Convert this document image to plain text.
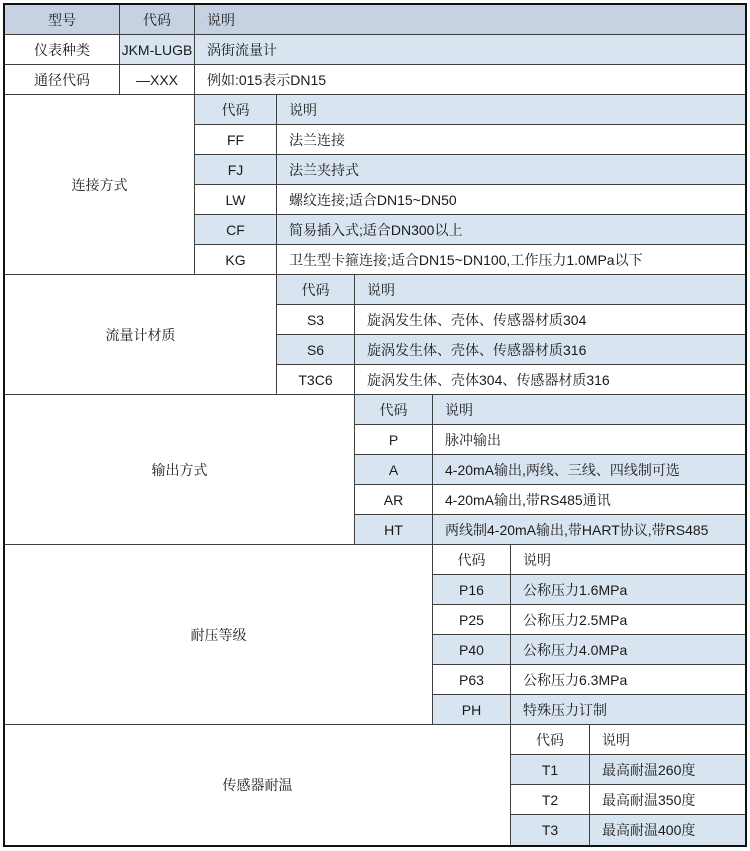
型号	代码	说明
仪表种类	JKM-LUGB	涡街流量计
通径代码	—XXX	例如:015表示DN15
连接方式
代码	说明
FF	法兰连接
FJ	法兰夹持式
LW	螺纹连接;适合DN15~DN50
CF	简易插入式;适合DN300以上
KG	卫生型卡箍连接;适合DN15~DN100,工作压力1.0MPa以下
流量计材质
代码	说明
S3	旋涡发生体、壳体、传感器材质304
S6	旋涡发生体、壳体、传感器材质316
T3C6	旋涡发生体、壳体304、传感器材质316
输出方式
代码	说明
P	脉冲输出
A	4-20mA输出,两线、三线、四线制可选
AR	4-20mA输出,带RS485通讯
HT	两线制4-20mA输出,带HART协议,带RS485
耐压等级
代码	说明
P16	公称压力1.6MPa
P25	公称压力2.5MPa
P40	公称压力4.0MPa
P63	公称压力6.3MPa
PH	特殊压力订制
传感器耐温
代码	说明
T1	最高耐温260度
T2	最高耐温350度
T3	最高耐温400度
